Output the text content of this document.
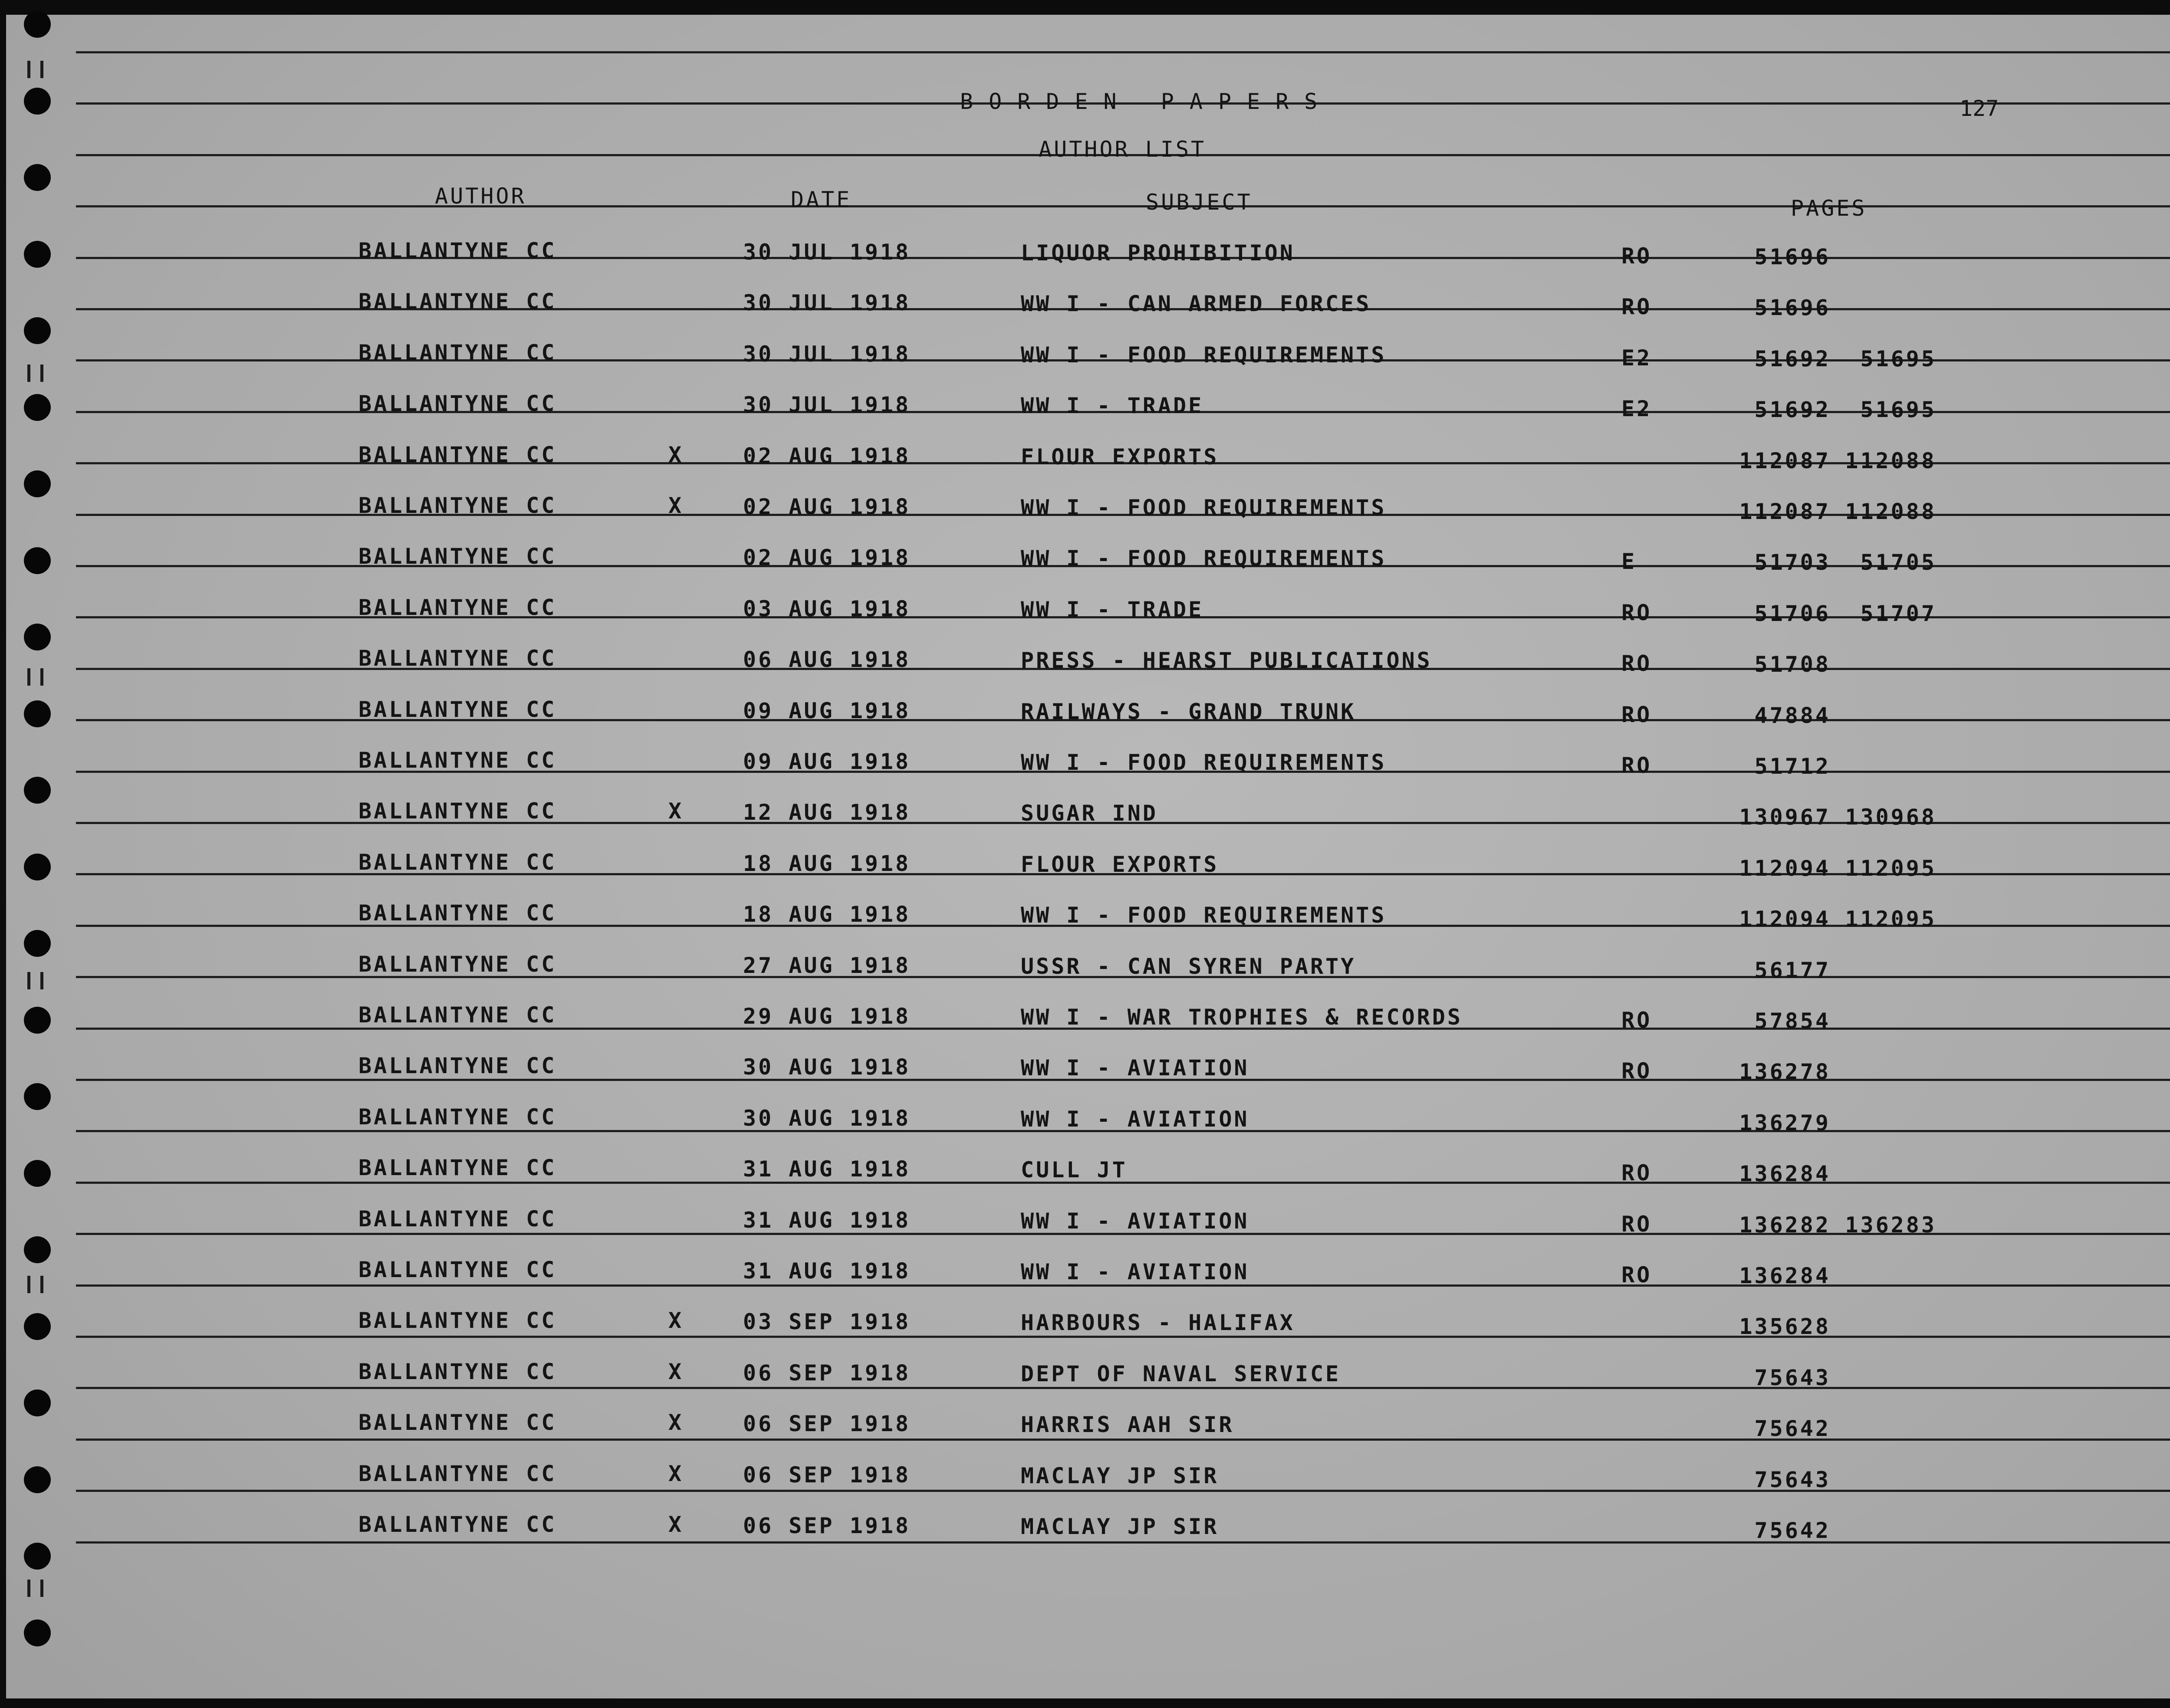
BORDEN PAPERS	127
AUTHOR LIST
AUTHOR	DATE	SUBJECT	PAGES
BALLANTYNE CC	30 JUL 1918	LIQUOR PROHIBITION	RO	51696
BALLANTYNE CC	30 JUL 1918	WW I - CAN ARMED FORCES	RO	51696
BALLANTYNE CC	30 JUL 1918	WW I - FOOD REQUIREMENTS	E2	51692	51695
BALLANTYNE CC	30 JUL 1918	WW I - TRADE	E2	51692	51695
BALLANTYNE CC	X	02 AUG 1918	FLOUR EXPORTS	112087 112088
BALLANTYNE CC	X	02 AUG 1918	WW I - FOOD REQUIREMENTS	112087 112088
BALLANTYNE CC	02 AUG 1918	WW I - FOOD REQUIREMENTS	E	51703	51705
BALLANTYNE CC	03 AUG 1918	WW I - TRADE	RO	51706	51707
BALLANTYNE CC	06 AUG 1918	PRESS - HEARST PUBLICATIONS	RO	51708
BALLANTYNE CC	09 AUG 1918	RAILWAYS - GRAND TRUNK	RO	47884
BALLANTYNE CC	09 AUG 1918	WW I - FOOD REQUIREMENTS	RO	51712
BALLANTYNE CC	X	12 AUG 1918	SUGAR IND	130967 130968
BALLANTYNE CC	18 AUG 1918	FLOUR EXPORTS	112094 112095
BALLANTYNE CC	18 AUG 1918	WW I - FOOD REQUIREMENTS	112094 112095
BALLANTYNE CC	27 AUG 1918	USSR - CAN SYREN PARTY	56177
BALLANTYNE CC	29 AUG 1918	WW I - WAR TROPHIES & RECORDS	RO	57854
BALLANTYNE CC	30 AUG 1918	WW I - AVIATION	RO	136278
BALLANTYNE CC	30 AUG 1918	WW I - AVIATION	136279
BALLANTYNE CC	31 AUG 1918	CULL JT	RO	136284
BALLANTYNE CC	31 AUG 1918	WW I - AVIATION	RO	136282 136283
BALLANTYNE CC	31 AUG 1918	WW I - AVIATION	RO	136284
BALLANTYNE CC	X	03 SEP 1918	HARBOURS - HALIFAX	135628
BALLANTYNE CC	X	06 SEP 1918	DEPT OF NAVAL SERVICE	75643
BALLANTYNE CC	X	06 SEP 1918	HARRIS AAH SIR	75642
BALLANTYNE CC	X	06 SEP 1918	MACLAY JP SIR	75643
BALLANTYNE CC	X	06 SEP 1918	MACLAY JP SIR	75642
